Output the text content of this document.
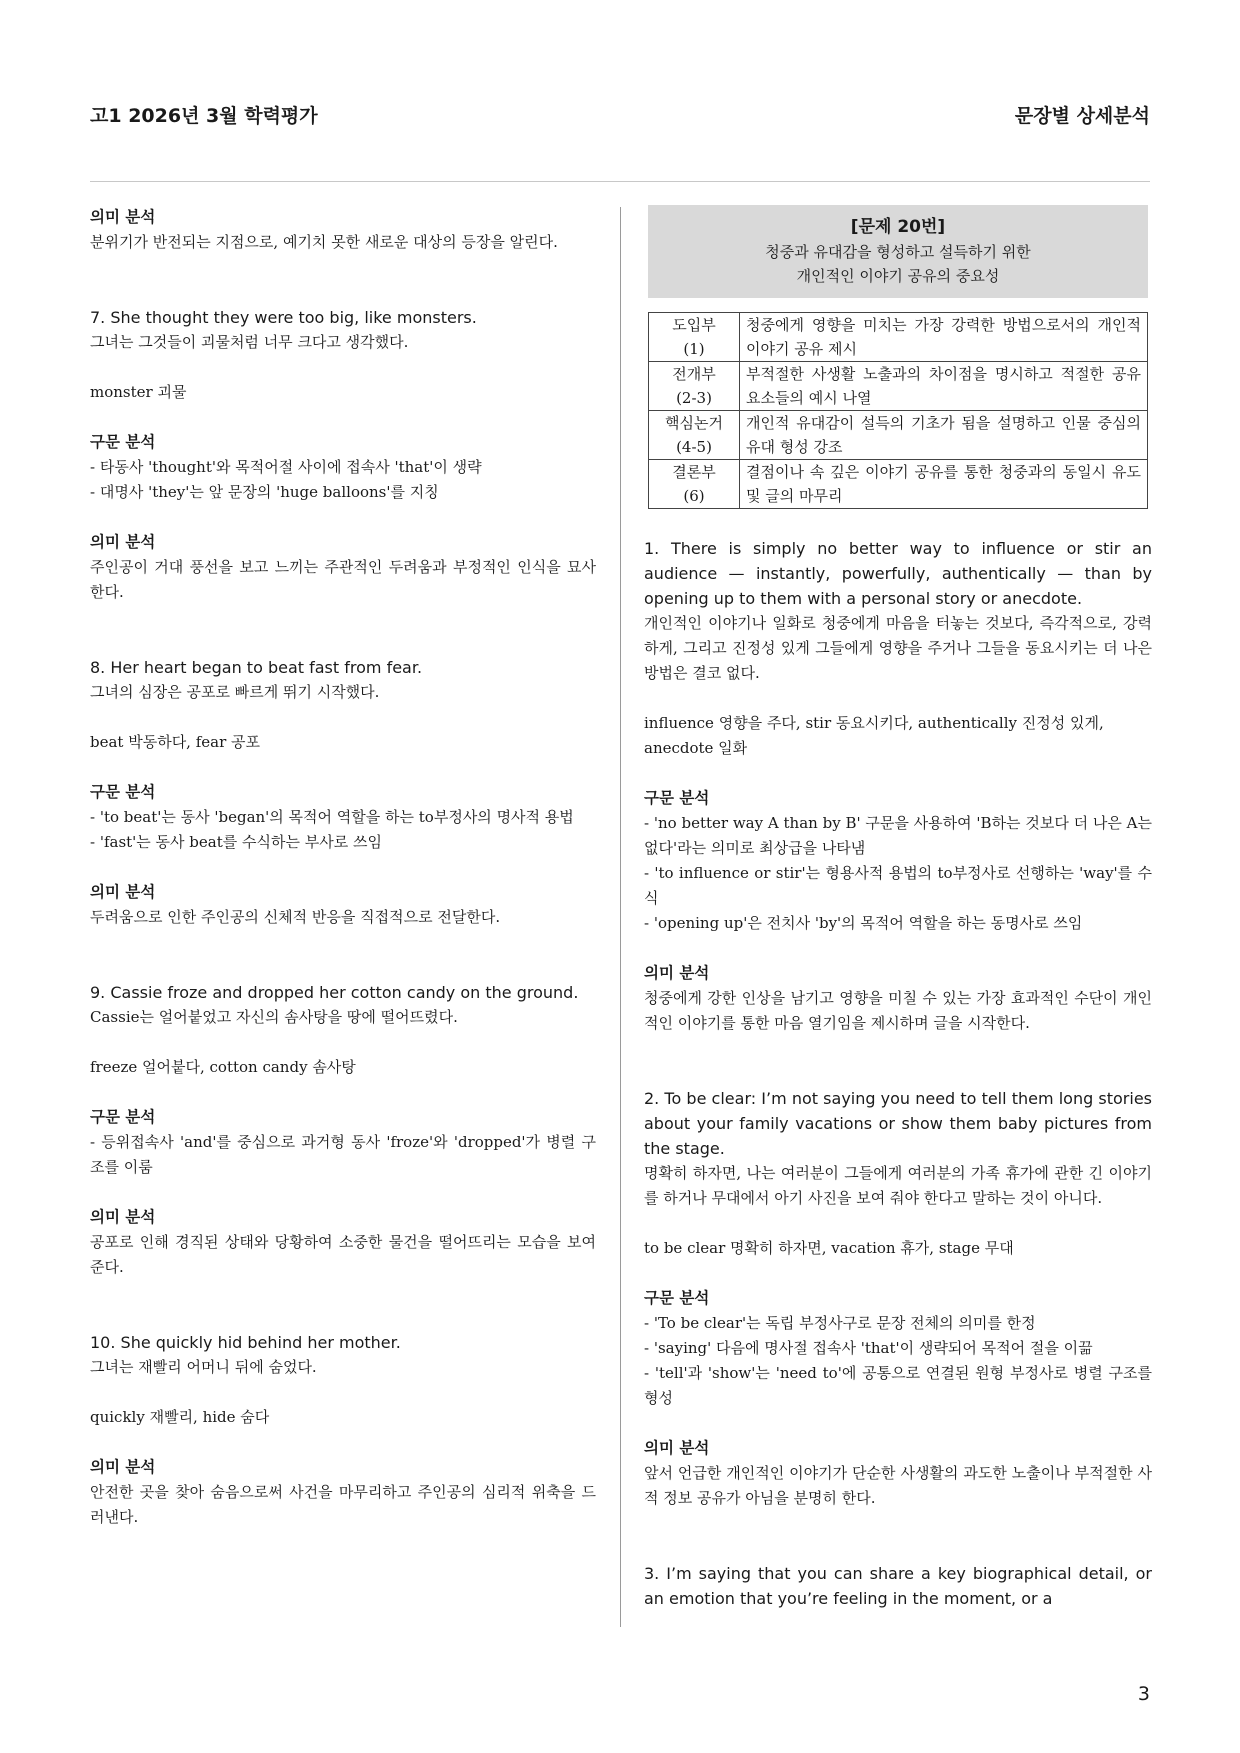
고1 2026년 3월 학력평가	문장별 상세분석
의미 분석
분위기가 반전되는 지점으로, 예기치 못한 새로운 대상의 등장을 알린다.
7. She thought they were too big, like monsters.
그녀는 그것들이 괴물처럼 너무 크다고 생각했다.
monster 괴물
구문 분석
- 타동사 'thought'와 목적어절 사이에 접속사 'that'이 생략
- 대명사 'they'는 앞 문장의 'huge balloons'를 지칭
의미 분석
주인공이 거대 풍선을 보고 느끼는 주관적인 두려움과 부정적인 인식을 묘사한다.
8. Her heart began to beat fast from fear.
그녀의 심장은 공포로 빠르게 뛰기 시작했다.
beat 박동하다, fear 공포
구문 분석
- 'to beat'는 동사 'began'의 목적어 역할을 하는 to부정사의 명사적 용법
- 'fast'는 동사 beat를 수식하는 부사로 쓰임
의미 분석
두려움으로 인한 주인공의 신체적 반응을 직접적으로 전달한다.
9. Cassie froze and dropped her cotton candy on the ground.
Cassie는 얼어붙었고 자신의 솜사탕을 땅에 떨어뜨렸다.
freeze 얼어붙다, cotton candy 솜사탕
구문 분석
- 등위접속사 'and'를 중심으로 과거형 동사 'froze'와 'dropped'가 병렬 구조를 이룸
의미 분석
공포로 인해 경직된 상태와 당황하여 소중한 물건을 떨어뜨리는 모습을 보여준다.
10. She quickly hid behind her mother.
그녀는 재빨리 어머니 뒤에 숨었다.
quickly 재빨리, hide 숨다
의미 분석
안전한 곳을 찾아 숨음으로써 사건을 마무리하고 주인공의 심리적 위축을 드러낸다.
[문제 20번]
청중과 유대감을 형성하고 설득하기 위한
개인적인 이야기 공유의 중요성
도입부
(1)	청중에게 영향을 미치는 가장 강력한 방법으로서의 개인적 이야기 공유 제시

전개부
(2-3)	부적절한 사생활 노출과의 차이점을 명시하고 적절한 공유 요소들의 예시 나열

핵심논거
(4-5)	개인적 유대감이 설득의 기초가 됨을 설명하고 인물 중심의 유대 형성 강조

결론부
(6)	결점이나 속 깊은 이야기 공유를 통한 청중과의 동일시 유도 및 글의 마무리
1. There is simply no better way to influence or stir an audience — instantly, powerfully, authentically — than by opening up to them with a personal story or anecdote.
개인적인 이야기나 일화로 청중에게 마음을 터놓는 것보다, 즉각적으로, 강력하게, 그리고 진정성 있게 그들에게 영향을 주거나 그들을 동요시키는 더 나은 방법은 결코 없다.
influence 영향을 주다, stir 동요시키다, authentically 진정성 있게, anecdote 일화
구문 분석
- 'no better way A than by B' 구문을 사용하여 'B하는 것보다 더 나은 A는 없다'라는 의미로 최상급을 나타냄
- 'to influence or stir'는 형용사적 용법의 to부정사로 선행하는 'way'를 수식
- 'opening up'은 전치사 'by'의 목적어 역할을 하는 동명사로 쓰임
의미 분석
청중에게 강한 인상을 남기고 영향을 미칠 수 있는 가장 효과적인 수단이 개인적인 이야기를 통한 마음 열기임을 제시하며 글을 시작한다.
2. To be clear: I’m not saying you need to tell them long stories about your family vacations or show them baby pictures from the stage.
명확히 하자면, 나는 여러분이 그들에게 여러분의 가족 휴가에 관한 긴 이야기를 하거나 무대에서 아기 사진을 보여 줘야 한다고 말하는 것이 아니다.
to be clear 명확히 하자면, vacation 휴가, stage 무대
구문 분석
- 'To be clear'는 독립 부정사구로 문장 전체의 의미를 한정
- 'saying' 다음에 명사절 접속사 'that'이 생략되어 목적어 절을 이끎
- 'tell'과 'show'는 'need to'에 공통으로 연결된 원형 부정사로 병렬 구조를 형성
의미 분석
앞서 언급한 개인적인 이야기가 단순한 사생활의 과도한 노출이나 부적절한 사적 정보 공유가 아님을 분명히 한다.
3. I’m saying that you can share a key biographical detail, or an emotion that you’re feeling in the moment, or a
3
